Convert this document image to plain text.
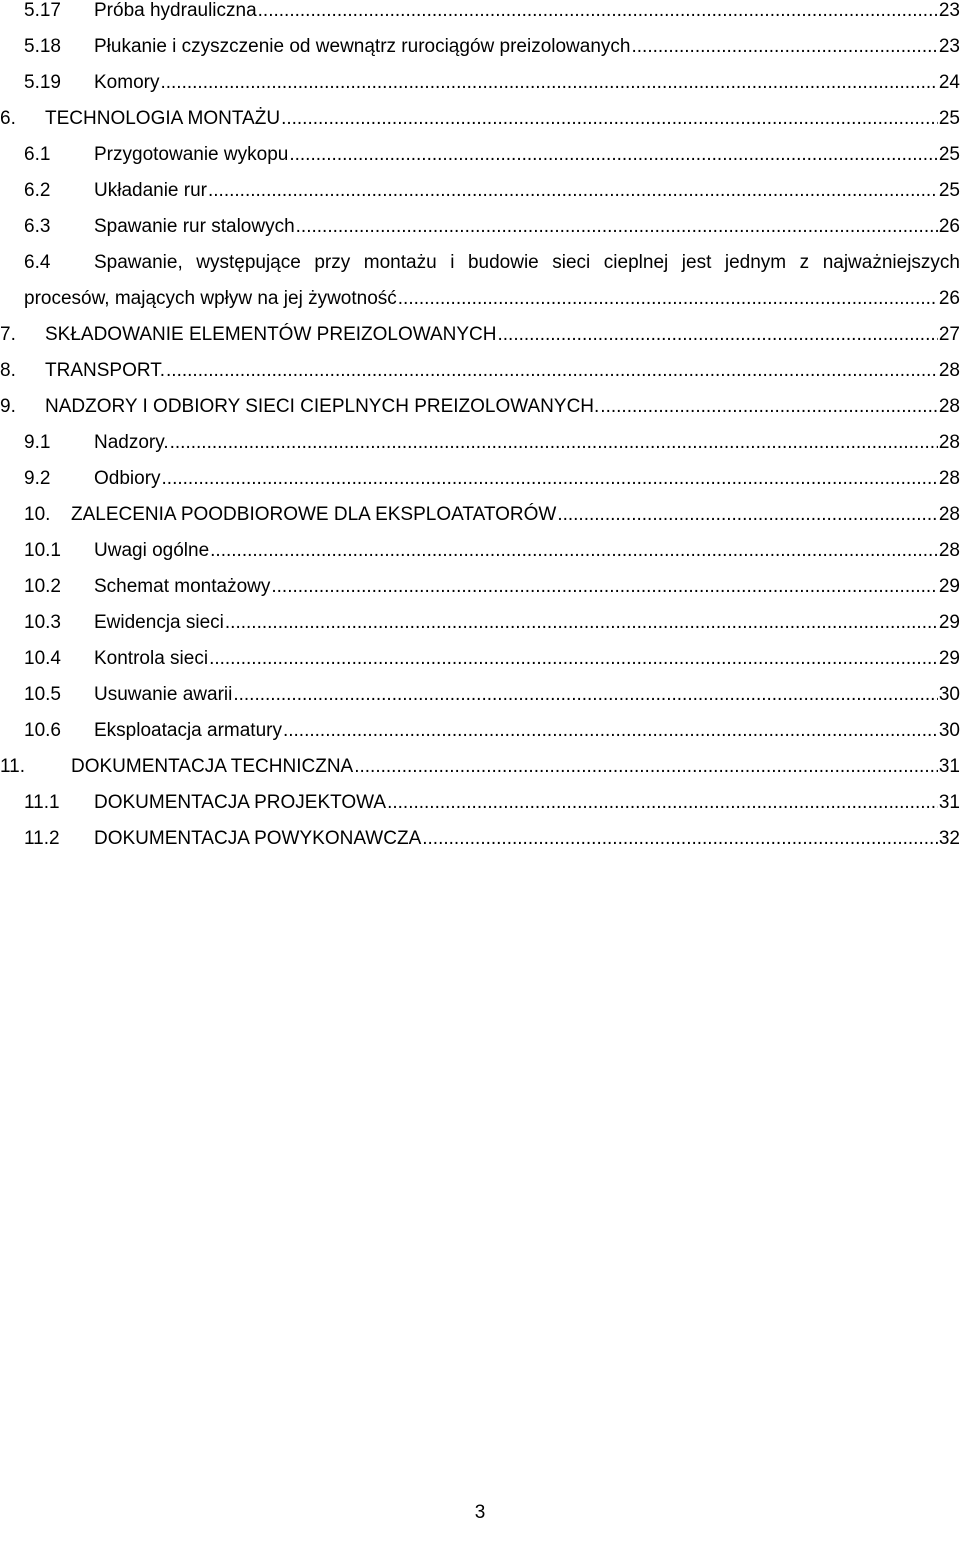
5.17 Próba hydrauliczna .....	23
5.18 Płukanie i czyszczenie od wewnątrz rurociągów preizolowanych .....	23
5.19 Komory .....	24
6. TECHNOLOGIA MONTAŻU .....	25
6.1 Przygotowanie wykopu .....	25
6.2 Układanie rur .....	25
6.3 Spawanie rur stalowych .....	26
6.4 Spawanie, występujące przy montażu i budowie sieci cieplnej jest jednym z najważniejszych
procesów, mających wpływ na jej żywotność .....	26
7. SKŁADOWANIE ELEMENTÓW PREIZOLOWANYCH .....	27
8. TRANSPORT. .....	28
9. NADZORY I ODBIORY SIECI CIEPLNYCH PREIZOLOWANYCH. .....	28
9.1 Nadzory. .....	28
9.2 Odbiory .....	28
10. ZALECENIA POODBIOROWE DLA EKSPLOATATORÓW .....	28
10.1 Uwagi ogólne .....	28
10.2 Schemat montażowy .....	29
10.3 Ewidencja sieci .....	29
10.4 Kontrola sieci .....	29
10.5 Usuwanie awarii .....	30
10.6 Eksploatacja armatury .....	30
11. DOKUMENTACJA TECHNICZNA .....	31
11.1 DOKUMENTACJA PROJEKTOWA .....	31
11.2 DOKUMENTACJA POWYKONAWCZA .....	32
3
